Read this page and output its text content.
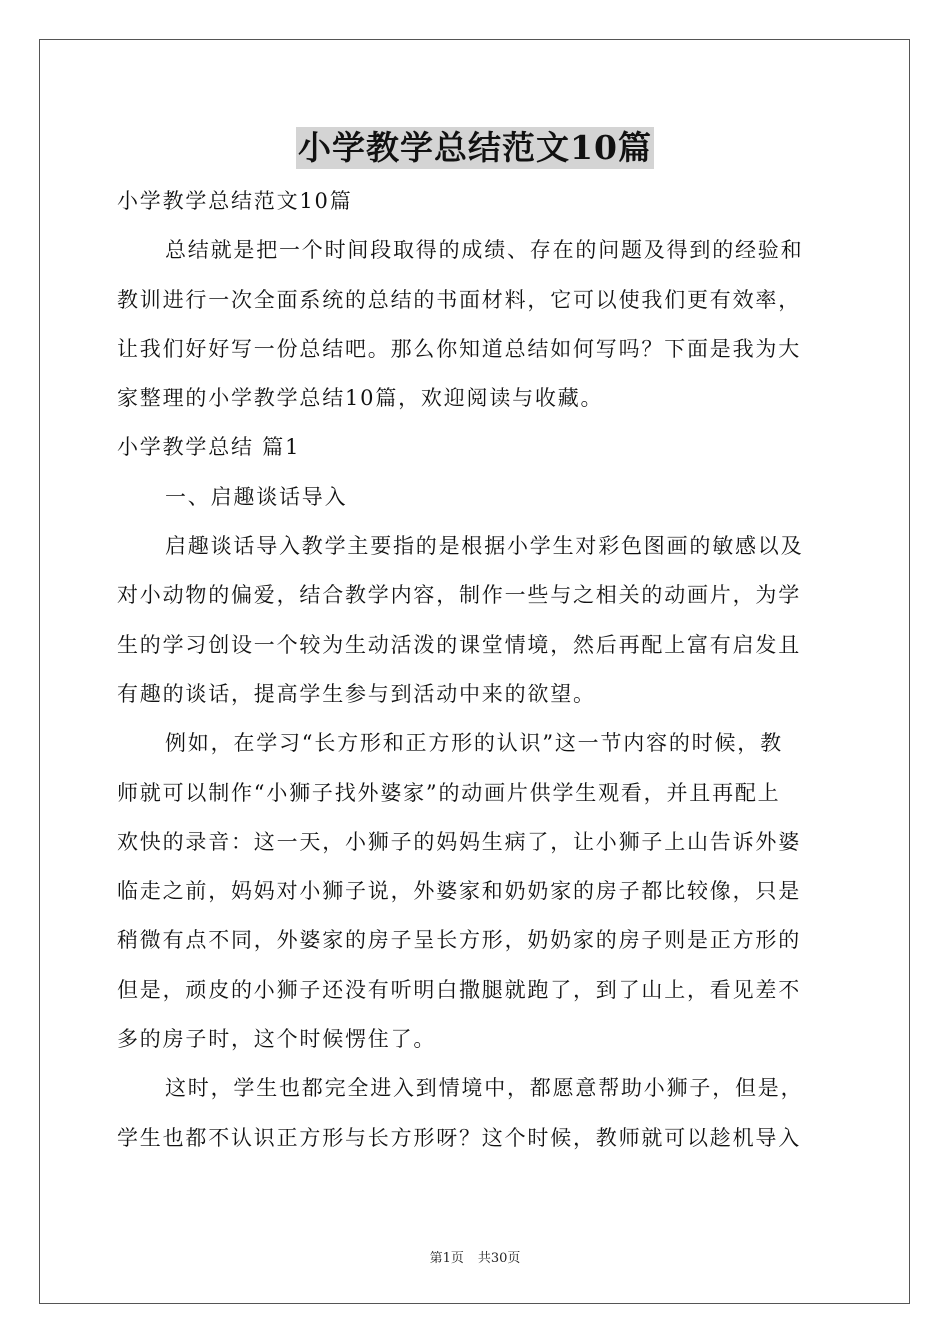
小学教学总结范文10篇
小学教学总结范文10篇
总结就是把一个时间段取得的成绩、存在的问题及得到的经验和
教训进行一次全面系统的总结的书面材料，它可以使我们更有效率，
让我们好好写一份总结吧。那么你知道总结如何写吗？下面是我为大
家整理的小学教学总结10篇，欢迎阅读与收藏。
小学教学总结 篇1
一、启趣谈话导入
启趣谈话导入教学主要指的是根据小学生对彩色图画的敏感以及
对小动物的偏爱，结合教学内容，制作一些与之相关的动画片，为学
生的学习创设一个较为生动活泼的课堂情境，然后再配上富有启发且
有趣的谈话，提高学生参与到活动中来的欲望。
例如，在学习“长方形和正方形的认识”这一节内容的时候，教
师就可以制作“小狮子找外婆家”的动画片供学生观看，并且再配上
欢快的录音：这一天，小狮子的妈妈生病了，让小狮子上山告诉外婆
临走之前，妈妈对小狮子说，外婆家和奶奶家的房子都比较像，只是
稍微有点不同，外婆家的房子呈长方形，奶奶家的房子则是正方形的
但是，顽皮的小狮子还没有听明白撒腿就跑了，到了山上，看见差不
多的房子时，这个时候愣住了。
这时，学生也都完全进入到情境中，都愿意帮助小狮子，但是，
学生也都不认识正方形与长方形呀？这个时候，教师就可以趁机导入
第1页 共30页
